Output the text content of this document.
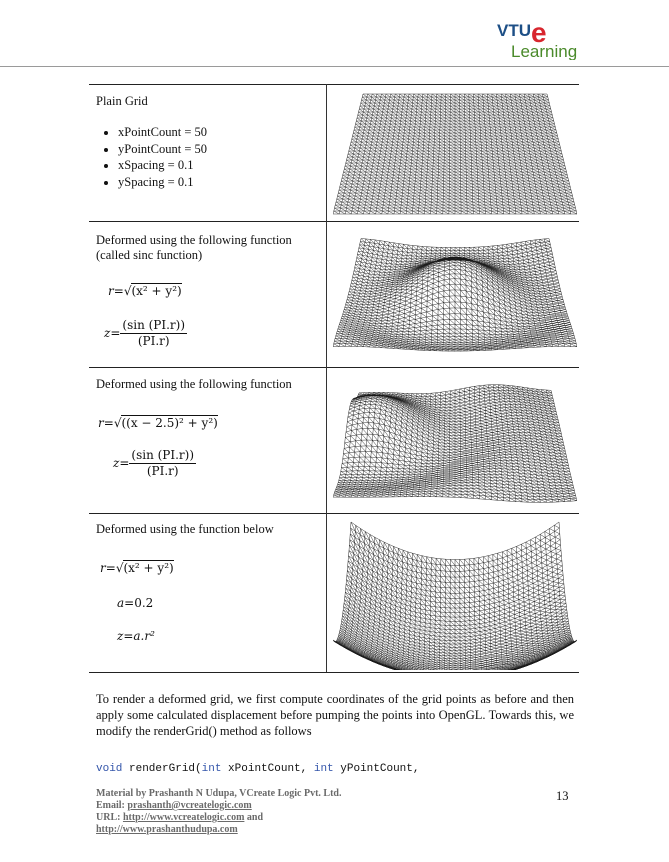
VTU e
Learning
Plain Grid
• xPointCount = 50
• yPointCount = 50
• xSpacing = 0.1
• ySpacing = 0.1
Deformed using the following function
(called sinc function)
r=√(x² + y²)
$z= \frac{(\sin (PI.r))}{(PI.r)}$
Deformed using the following function
r=√((x − 2.5)² + y²)
$z= \frac{(\sin (PI.r))}{(PI.r)}$
Deformed using the function below
r=√(x² + y²)
a=0.2
z=a.r²
To render a deformed grid, we first compute coordinates of the grid points as before and then apply some calculated displacement before pumping the points into OpenGL. Towards this, we modify the renderGrid() method as follows
void renderGrid(int xPointCount, int yPointCount,
Material by Prashanth N Udupa, VCreate Logic Pvt. Ltd.
Email: prashanth@vcreatelogic.com
URL: http://www.vcreatelogic.com and http://www.prashanthudupa.com
13
